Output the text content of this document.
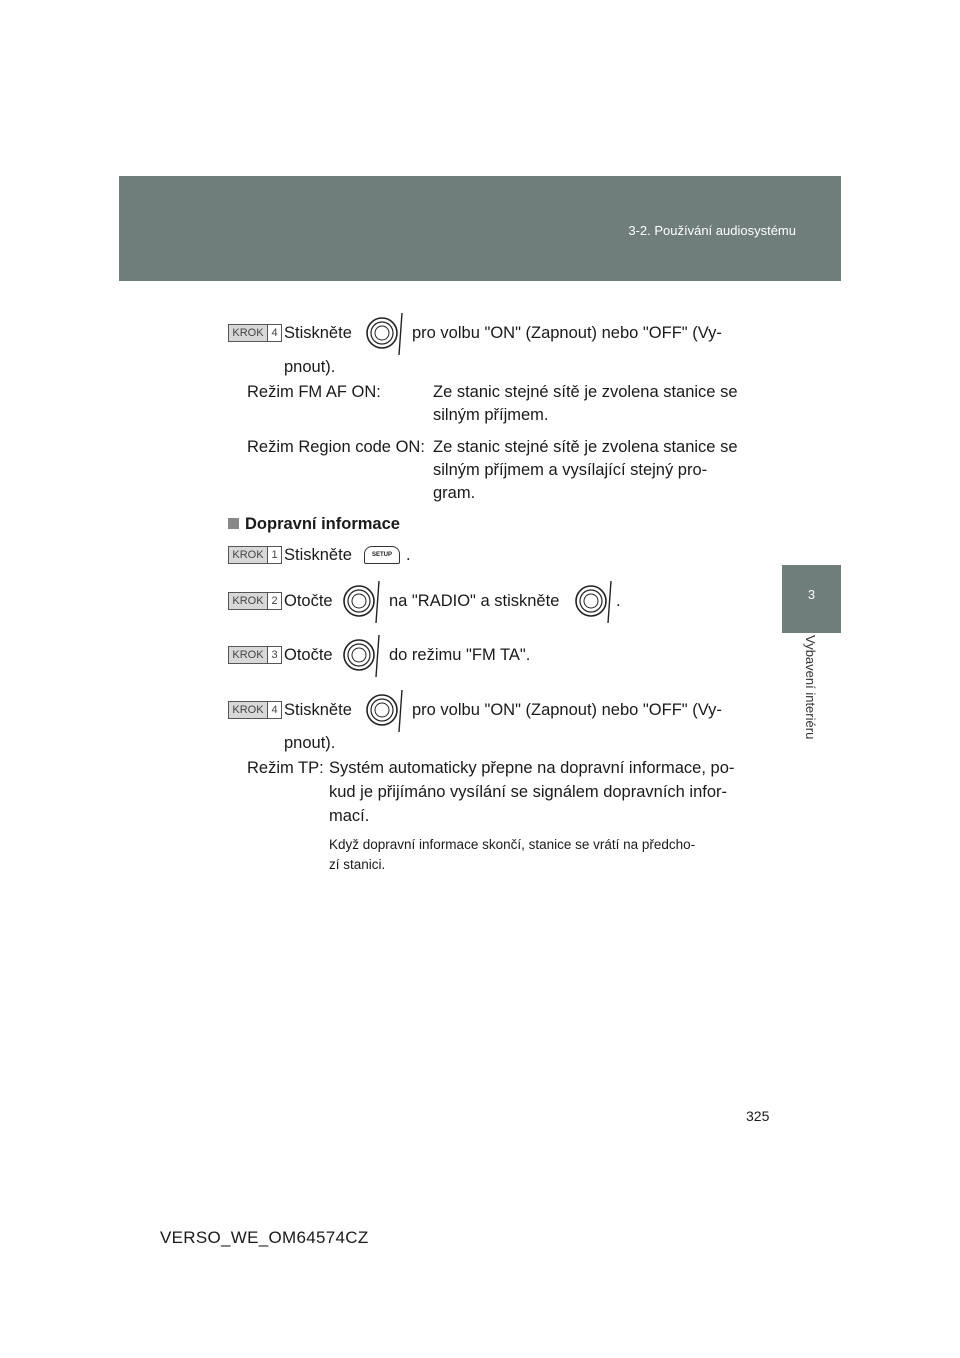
3-2. Používání audiosystému
3
Vybavení interiéru
KROK 4 Stiskněte	pro volbu "ON" (Zapnout) nebo "OFF" (Vy-
pnout).
Režim FM AF ON:	Ze stanic stejné sítě je zvolena stanice se
silným příjmem.
Režim Region code ON: Ze stanic stejné sítě je zvolena stanice se
silným příjmem a vysílající stejný pro-
gram.
Dopravní informace
KROK 1 Stiskněte	SETUP .
KROK 2 Otočte	na "RADIO" a stiskněte	.
KROK 3 Otočte	do režimu "FM TA".
KROK 4 Stiskněte	pro volbu "ON" (Zapnout) nebo "OFF" (Vy-
pnout).
Režim TP: Systém automaticky přepne na dopravní informace, po-
kud je přijímáno vysílání se signálem dopravních infor-
mací.
Když dopravní informace skončí, stanice se vrátí na předcho-
zí stanici.
325
VERSO_WE_OM64574CZ
